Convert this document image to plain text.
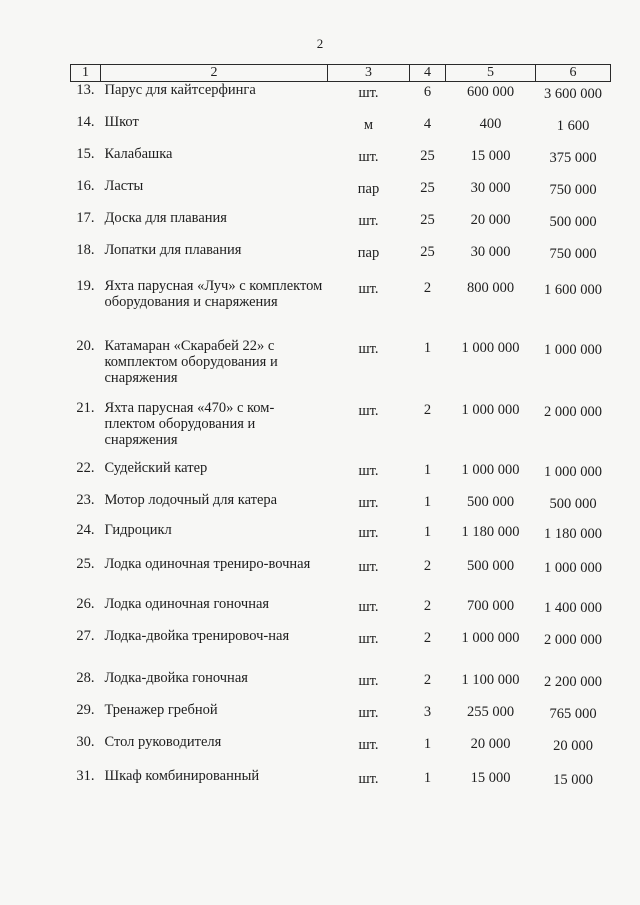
2
1	2	3	4	5	6
13.	Парус для кайтсерфинга	шт.	6	600 000	3 600 000
14.	Шкот	м	4	400	1 600
15.	Калабашка	шт.	25	15 000	375 000
16.	Ласты	пар	25	30 000	750 000
17.	Доска для плавания	шт.	25	20 000	500 000
18.	Лопатки для плавания	пар	25	30 000	750 000
19.	Яхта парусная «Луч» с комплектом оборудования и снаряжения	шт.	2	800 000	1 600 000
20.	Катамаран «Скарабей 22» с комплектом оборудования и снаряжения	шт.	1	1 000 000	1 000 000
21.	Яхта парусная «470» с ком-плектом оборудования и снаряжения	шт.	2	1 000 000	2 000 000
22.	Судейский катер	шт.	1	1 000 000	1 000 000
23.	Мотор лодочный для катера	шт.	1	500 000	500 000
24.	Гидроцикл	шт.	1	1 180 000	1 180 000
25.	Лодка одиночная трениро-вочная	шт.	2	500 000	1 000 000
26.	Лодка одиночная гоночная	шт.	2	700 000	1 400 000
27.	Лодка-двойка тренировоч-ная	шт.	2	1 000 000	2 000 000
28.	Лодка-двойка гоночная	шт.	2	1 100 000	2 200 000
29.	Тренажер гребной	шт.	3	255 000	765 000
30.	Стол руководителя	шт.	1	20 000	20 000
31.	Шкаф комбинированный	шт.	1	15 000	15 000
